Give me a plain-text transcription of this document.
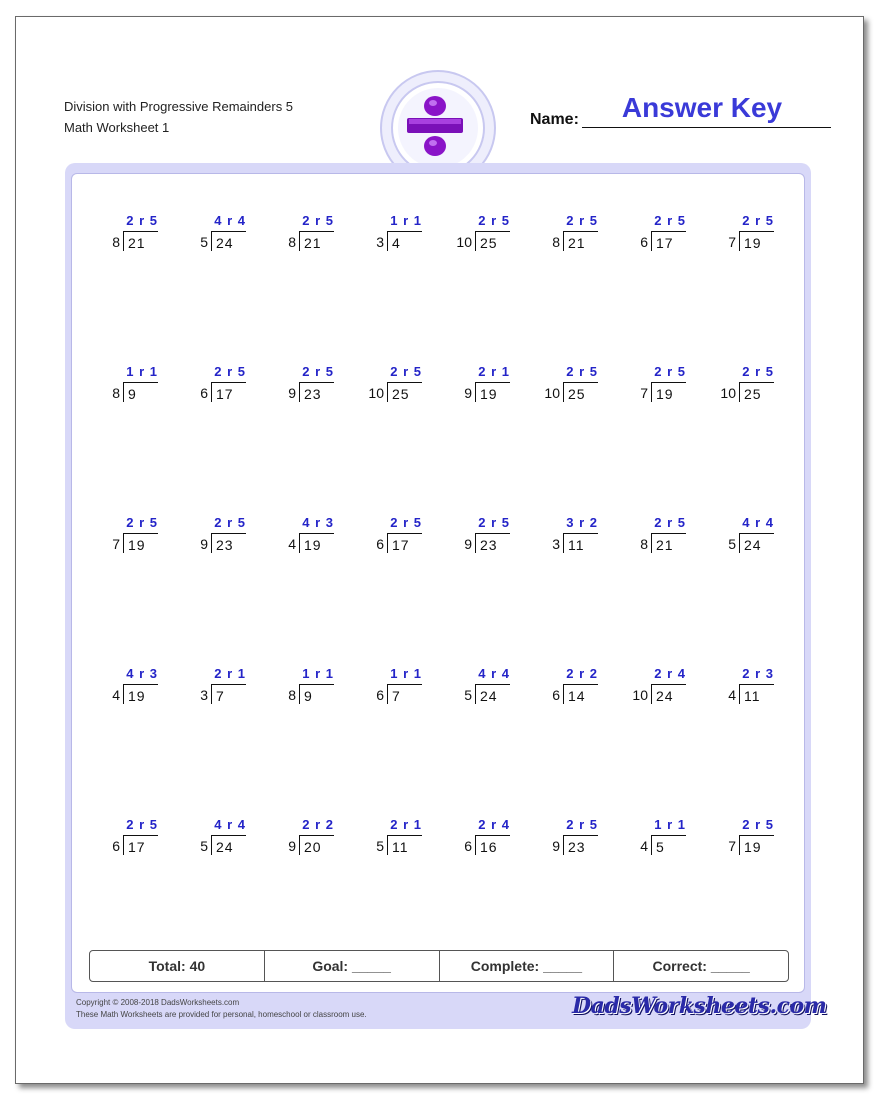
Division with Progressive Remainders 5
Math Worksheet 1	Name:	Answer Key
2 r 5
8 21
4 r 4
5 24
2 r 5
8 21
1 r 1
3 4
2 r 5
10 25
2 r 5
8 21
2 r 5
6 17
2 r 5
7 19
1 r 1
8 9
2 r 5
6 17
2 r 5
9 23
2 r 5
10 25
2 r 1
9 19
2 r 5
10 25
2 r 5
7 19
2 r 5
10 25
2 r 5
7 19
2 r 5
9 23
4 r 3
4 19
2 r 5
6 17
2 r 5
9 23
3 r 2
3 11
2 r 5
8 21
4 r 4
5 24
4 r 3
4 19
2 r 1
3 7
1 r 1
8 9
1 r 1
6 7
4 r 4
5 24
2 r 2
6 14
2 r 4
10 24
2 r 3
4 11
2 r 5
6 17
4 r 4
5 24
2 r 2
9 20
2 r 1
5 11
2 r 4
6 16
2 r 5
9 23
1 r 1
4 5
2 r 5
7 19
Total: 40	Goal: _____	Complete: _____	Correct: _____
Copyright © 2008-2018 DadsWorksheets.com
These Math Worksheets are provided for personal, homeschool or classroom use.	DadsWorksheets.com
